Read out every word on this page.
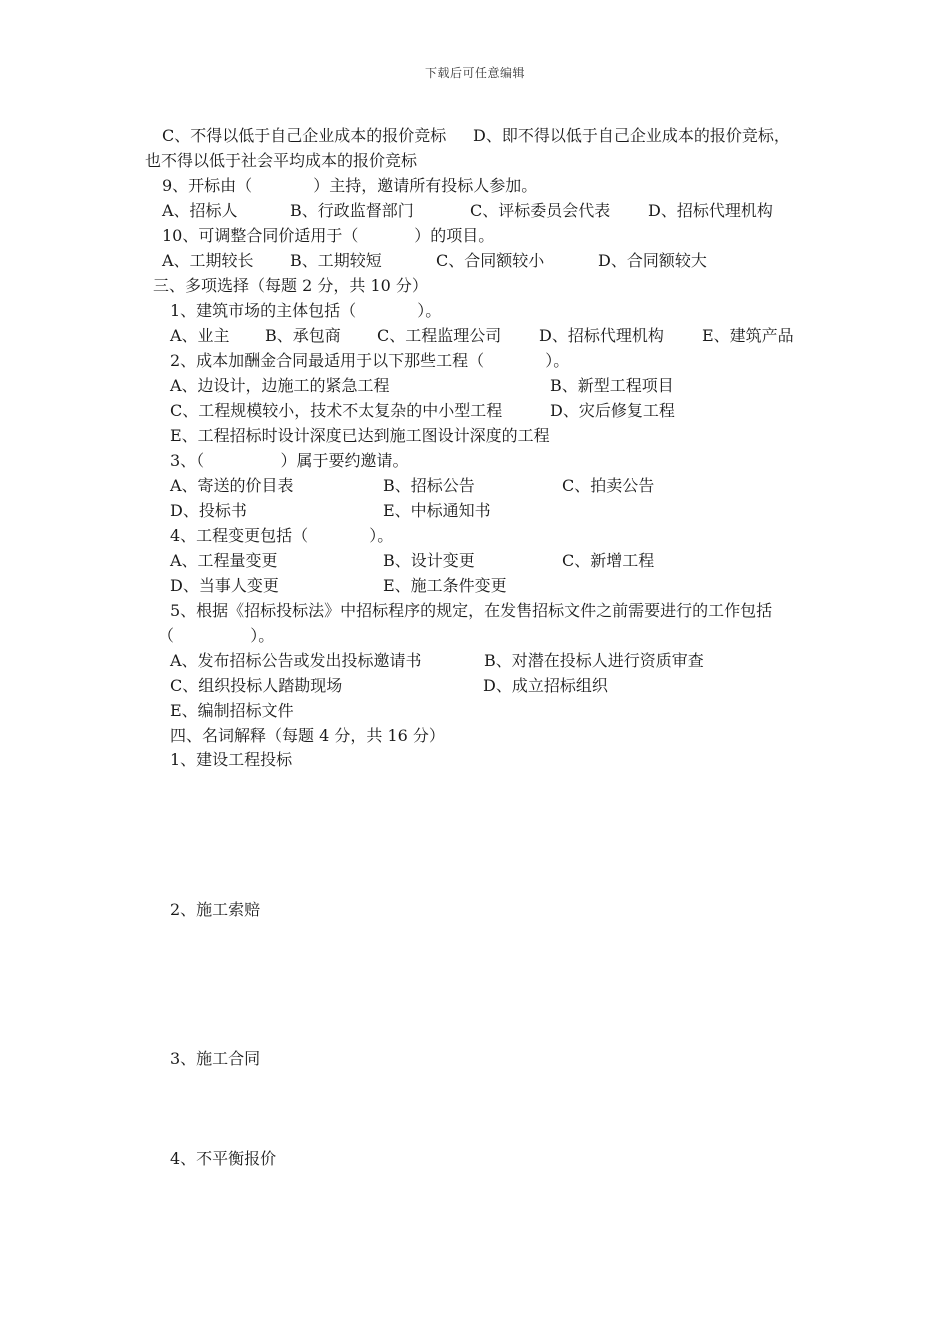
下载后可任意编辑

C、不得以低于自己企业成本的报价竞标

D、即不得以低于自己企业成本的报价竞标，

也不得以低于社会平均成本的报价竞标
9、开标由（            ）主持，邀请所有投标人参加。

A、招标人

	B、行政监督部门

	C、评标委员会代表

D、招标代理机构

10、可调整合同价适用于（           ）的项目。

A、工期较长

B、工期较短

	C、合同额较小

	D、合同额较大

三、多项选择（每题 2 分，共 10 分）
1、建筑市场的主体包括（            ）。

A、业主

B、承包商

C、工程监理公司

D、招标代理机构

E、建筑产品

2、成本加酬金合同最适用于以下那些工程（            ）。

A、边设计，边施工的紧急工程

	B、新型工程项目

C、工程规模较小，技术不太复杂的中小型工程

	D、灾后修复工程

E、工程招标时设计深度已达到施工图设计深度的工程
3、（               ）属于要约邀请。

A、寄送的价目表

	B、招标公告

	C、拍卖公告

D、投标书

	E、中标通知书

4、工程变更包括（            ）。

A、工程量变更

	B、设计变更

	C、新增工程

D、当事人变更

	E、施工条件变更

5、根据《招标投标法》中招标程序的规定，在发售招标文件之前需要进行的工作包括
（               ）。

A、发布招标公告或发出投标邀请书

	B、对潜在投标人进行资质审查

C、组织投标人踏勘现场

	D、成立招标组织

E、编制招标文件
四、名词解释（每题 4 分，共 16 分）
1、建设工程投标
2、施工索赔
3、施工合同
4、不平衡报价
